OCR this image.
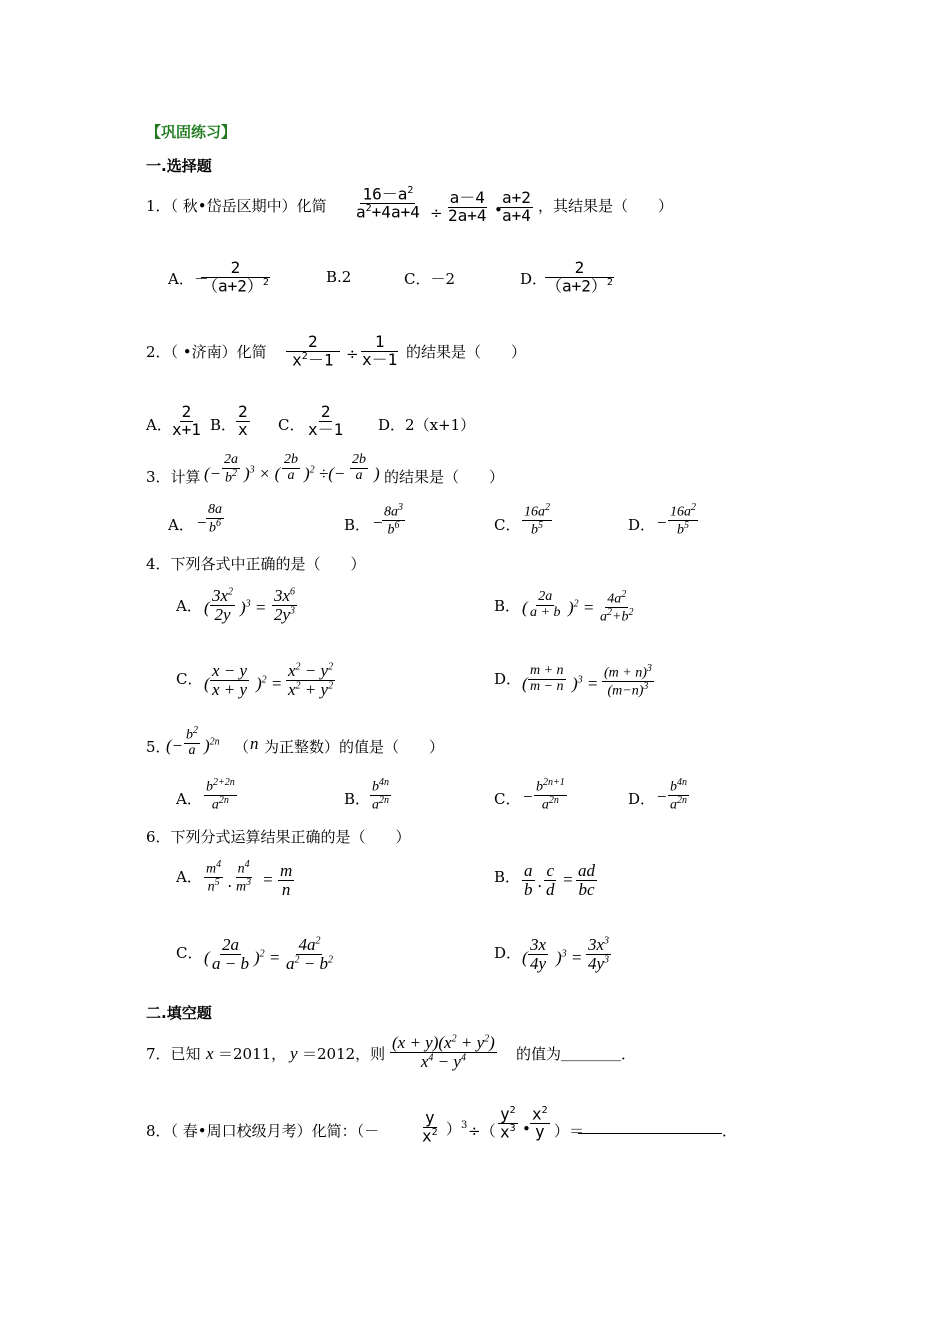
【巩固练习】
一.选择题
1．（ 秋•岱岳区期中）化简 $\frac{16-a^2}{a^2+4a+4} \div \frac{a-4}{2a+4}$ •
$\frac{a+2}{a+4}$ ，其结果是（　　）
A．－
$\frac{2}{(a+2)^2}$	B.2	C．－2	D．
$\frac{2}{(a+2)^2}$
2．（ •济南）化简 $\frac{2}{x^2-1} \div \frac{1}{x-1}$ 的结果是（　　）
A．
$\frac{2}{x+1}$ B． $\frac{2}{x}$ C． $\frac{2}{x-1}$ D．2（x+1）
3．计算 (− $\frac{2a}{b^2} )^3$ × ( $\frac{2b}{a} )^2$ ÷(− $\frac{2b}{a}$ ) 的结果是（　　）
A． −
$\frac{8a}{b^6}$	B． −
$\frac{8a^3}{b^6}$	C． $\frac{16a^2}{b^5}$	D． − $\frac{16a^2}{b^5}$
4．下列各式中正确的是（　　）
A． ( $\frac{3x^2}{2y} )^3 = \frac{3x^6}{2y^3}$	B． ( $\frac{2a}{a + b} )^2 = \frac{4a^2}{a^2+b^2}$
C． ( $\frac{x - y}{x + y} )^2 = \frac{x^2 - y^2}{x^2 + y^2}$	D． ( $\frac{m + n}{m - n} )^3 = \frac{(m + n)^3}{(m-n)^3}$
5．
(− $\frac{b^2}{a} )^{2n}$ （ n 为正整数）的值是（　　）
A． $\frac{b^{2+2n}}{a^{2n}}$	B． $\frac{b^{4n}}{a^{2n}}$	C． − $\frac{b^{2n+1}}{a^{2n}}$	D． − $\frac{b^{4n}}{a^{2n}}$
6．下列分式运算结果正确的是（　　）
A． $\frac{m^4}{n^5}$ . $\frac{n^4}{m^3} = \frac{m}{n}$	B． $\frac{a}{b}$ . $\frac{c}{d} = \frac{ad}{bc}$
C． ( $\frac{2a}{a - b} )^2 = \frac{4a^2}{a^2 - b^2}$	D． ( $\frac{3x}{4y} )^3 = \frac{3x^3}{4y^3}$
二.填空题
7．已知 x ＝2011， y ＝2012，则 $\frac{(x + y)(x^2 + y^2)}{x^4 - y^4}$ 的值为＿＿＿＿．
8．（ 春•周口校级月考）化简：（－	$\frac{y}{x^2} )^3$ ÷（ $\frac{y^2}{x^3}$ • $\frac{x^2}{y}$ ）＝	．
